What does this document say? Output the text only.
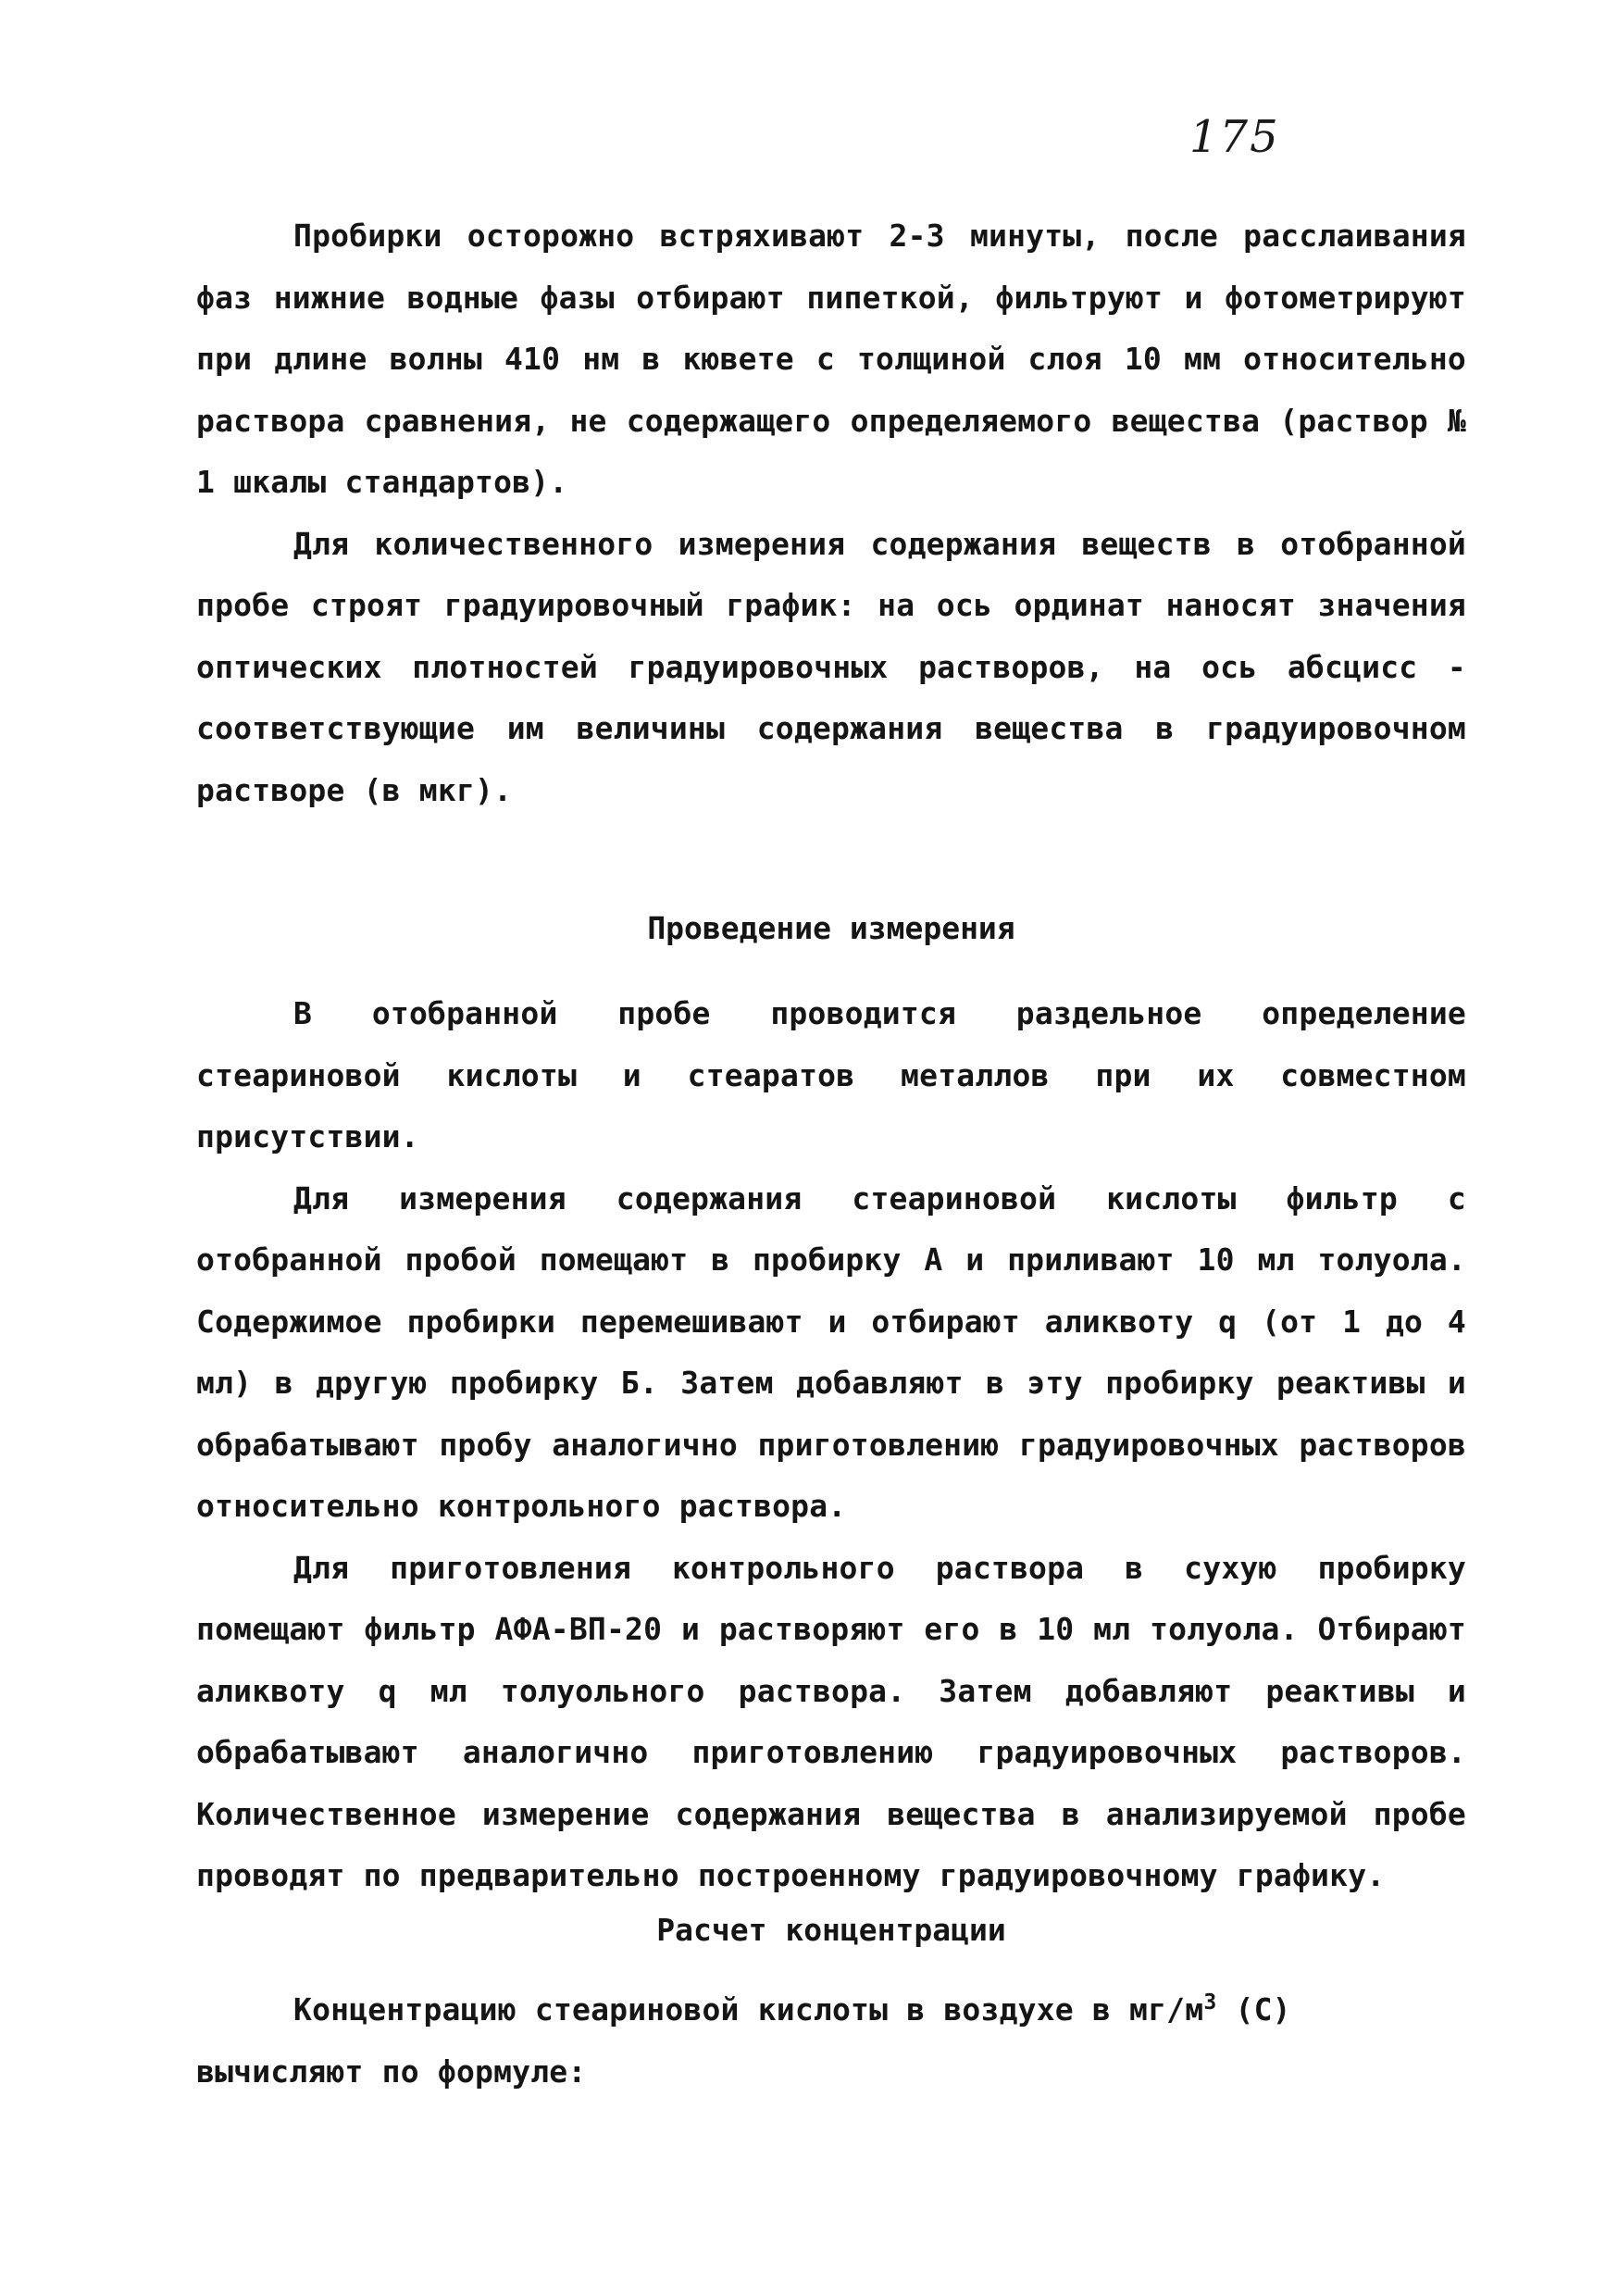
175

Пробирки осторожно встряхивают 2-3 минуты, после расслаивания фаз нижние водные фазы отбирают пипеткой, фильтруют и фотометрируют при длине волны 410 нм в кювете с толщиной слоя 10 мм относительно раствора сравнения, не содержащего определяемого вещества (раствор № 1 шкалы стандартов).

Для количественного измерения содержания веществ в отобранной пробе строят градуировочный график: на ось ординат наносят значения оптических плотностей градуировочных растворов, на ось абсцисс - соответствующие им величины содержания вещества в градуировочном растворе (в мкг).

Проведение измерения

В отобранной пробе проводится раздельное определение стеариновой кислоты и стеаратов металлов при их совместном присутствии.

Для измерения содержания стеариновой кислоты фильтр с отобранной пробой помещают в пробирку А и приливают 10 мл толуола. Содержимое пробирки перемешивают и отбирают аликвоту q (от 1 до 4 мл) в другую пробирку Б. Затем добавляют в эту пробирку реактивы и обрабатывают пробу аналогично приготовлению градуировочных растворов относительно контрольного раствора.

Для приготовления контрольного раствора в сухую пробирку помещают фильтр АФА-ВП-20 и растворяют его в 10 мл толуола. Отбирают аликвоту q мл толуольного раствора. Затем добавляют реактивы и обрабатывают аналогично приготовлению градуировочных растворов. Количественное измерение содержания вещества в анализируемой пробе проводят по предварительно построенному градуировочному графику.

Расчет концентрации

Концентрацию стеариновой кислоты в воздухе в $мг/м^3$ (С)

вычисляют по формуле:
